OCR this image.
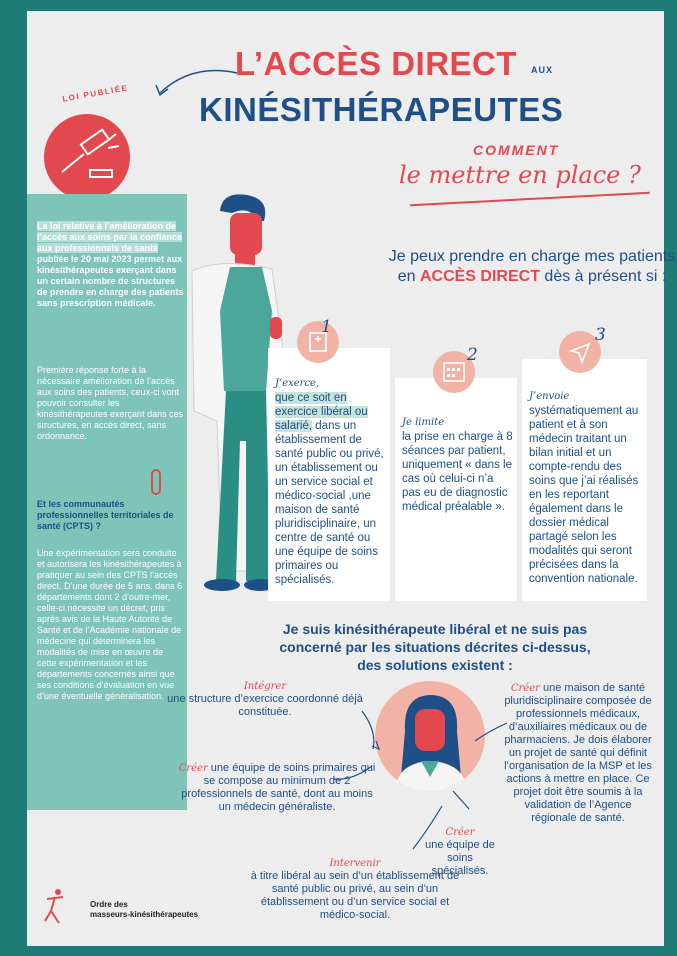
L’ACCÈS DIRECT AUX
KINÉSITHÉRAPEUTES
COMMENT
le mettre en place ?
LOI PUBLIÉE
La loi relative à l’amélioration de l’accès aux soins par la confiance aux professionnels de santé publiée le 20 mai 2023 permet aux kinésithérapeutes exerçant dans un certain nombre de structures de prendre en charge des patients sans prescription médicale.
Première réponse forte à la nécessaire amélioration de l’accès aux soins des patients, ceux-ci vont pouvoir consulter les kinésithérapeutes exerçant dans ces structures, en accès direct, sans ordonnance.
Et les communautés professionnelles territoriales de santé (CPTS) ?
Une expérimentation sera conduite et autorisera les kinésithérapeutes à pratiquer au sein des CPTS l’accès direct. D’une durée de 5 ans, dans 6 départements dont 2 d’outre-mer, celle-ci nécessite un décret, pris après avis de la Haute Autorité de Santé et de l’Académie nationale de médecine qui déterminera les modalités de mise en œuvre de cette expérimentation et les départements concernés ainsi que ses conditions d’évaluation en vue d’une éventuelle généralisation.
Je peux prendre en charge mes patients en ACCÈS DIRECT dès à présent si :
1
J’exerce,
que ce soit en exercice libéral ou salarié, dans un établissement de santé public ou privé, un établissement ou un service social et médico-social ,une maison de santé pluridisciplinaire, un centre de santé ou une équipe de soins primaires ou spécialisés.
2
Je limite
la prise en charge à 8 séances par patient, uniquement « dans le cas où celui-ci n’a pas eu de diagnostic médical préalable ».
3
J’envoie
systématiquement au patient et à son médecin traitant un bilan initial et un compte-rendu des soins que j’ai réalisés en les reportant également dans le dossier médical partagé selon les modalités qui seront précisées dans la convention nationale.
Je suis kinésithérapeute libéral et ne suis pas concerné par les situations décrites ci-dessus, des solutions existent :
Intégrer
une structure d’exercice coordonné déjà constituée.
Créer une équipe de soins primaires qui se compose au minimum de 2 professionnels de santé, dont au moins un médecin généraliste.
Intervenir
à titre libéral au sein d’un établissement de santé public ou privé, au sein d’un établissement ou d’un service social et médico-social.
Créer
une équipe de soins spécialisés.
Créer une maison de santé pluridisciplinaire composée de professionnels médicaux, d’auxiliaires médicaux ou de pharmaciens. Je dois élaborer un projet de santé qui définit l’organisation de la MSP et les actions à mettre en place. Ce projet doit être soumis à la validation de l’Agence régionale de santé.
Ordre des
masseurs-kinésithérapeutes
